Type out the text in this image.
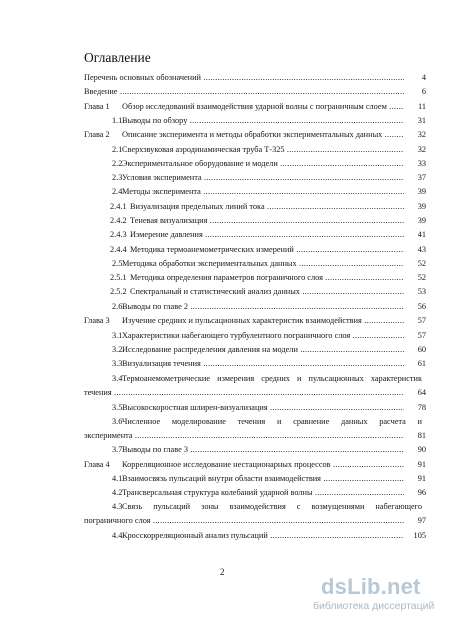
Оглавление
Перечень основных обозначений .....	4
Введение .....	6
Глава 1 Обзор исследований взаимодействия ударной волны с пограничным слоем .....	11
1.1 Выводы по обзору .....	31
Глава 2 Описание эксперимента и методы обработки экспериментальных данных .....	32
2.1 Сверхзвуковая аэродинамическая труба Т-325 .....	32
2.2 Экспериментальное оборудование и модели .....	33
2.3 Условия эксперимента .....	37
2.4 Методы эксперимента .....	39
2.4.1 Визуализация предельных линий тока .....	39
2.4.2 Теневая визуализация .....	39
2.4.3 Измерение давления .....	41
2.4.4 Методика термоанемометрических измерений .....	43
2.5 Методика обработки экспериментальных данных .....	52
2.5.1 Методика определения параметров пограничного слоя .....	52
2.5.2 Спектральный и статистический анализ данных .....	53
2.6 Выводы по главе 2 .....	56
Глава 3 Изучение средних и пульсационных характеристик взаимодействия .....	57
3.1 Характеристики набегающего турбулентного пограничного слоя .....	57
3.2 Исследование распределения давления на модели .....	60
3.3 Визуализация течения .....	61
3.4 Термоанемометрические измерения средних и пульсационных характеристик
течения .....	64
3.5 Высокоскоростная шлирен-визуализация .....	78
3.6 Численное моделирование течения и сравнение данных расчета и
эксперимента .....	81
3.7 Выводы по главе 3 .....	90
Глава 4 Корреляционное исследование нестационарных процессов .....	91
4.1 Взаимосвязь пульсаций внутри области взаимодействия .....	91
4.2 Трансверсальная структура колебаний ударной волны .....	96
4.3 Связь пульсаций зоны взаимодействия с возмущениями набегающего
пограничного слоя .....	97
4.4 Кросскорреляционный анализ пульсаций .....	105
2
dsLib.net
библиотека диссертаций
